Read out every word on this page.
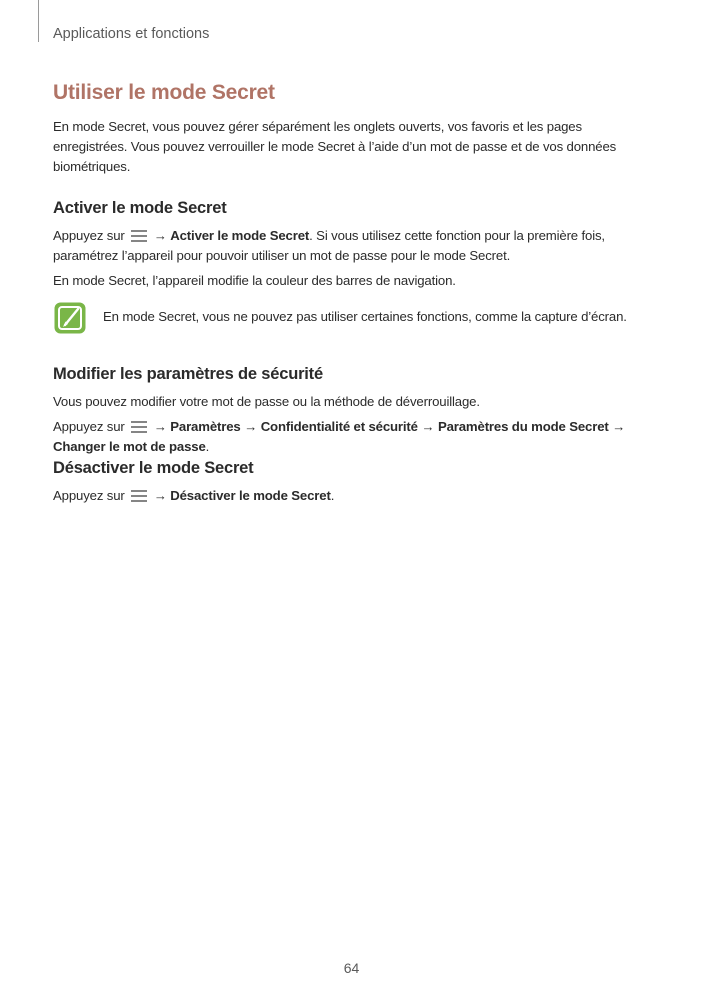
Applications et fonctions
Utiliser le mode Secret

En mode Secret, vous pouvez gérer séparément les onglets ouverts, vos favoris et les pages enregistrées. Vous pouvez verrouiller le mode Secret à l’aide d’un mot de passe et de vos données biométriques.

Activer le mode Secret

Appuyez sur → Activer le mode Secret. Si vous utilisez cette fonction pour la première fois, paramétrez l’appareil pour pouvoir utiliser un mot de passe pour le mode Secret.

En mode Secret, l’appareil modifie la couleur des barres de navigation.

En mode Secret, vous ne pouvez pas utiliser certaines fonctions, comme la capture d’écran.
Modifier les paramètres de sécurité

Vous pouvez modifier votre mot de passe ou la méthode de déverrouillage.

Appuyez sur → Paramètres → Confidentialité et sécurité → Paramètres du mode Secret → Changer le mot de passe.

Désactiver le mode Secret

Appuyez sur → Désactiver le mode Secret.

64
